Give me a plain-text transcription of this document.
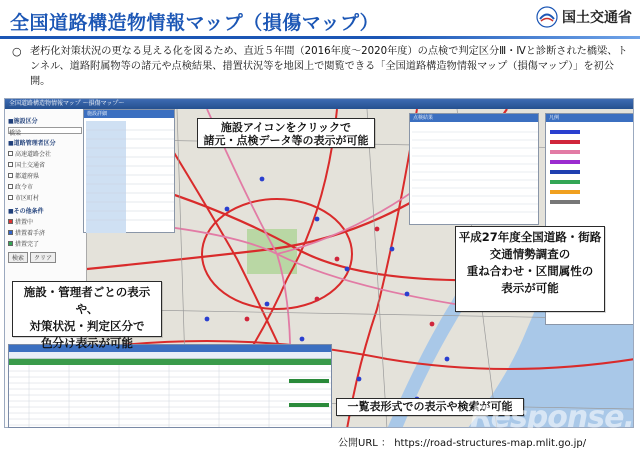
全国道路構造物情報マップ（損傷マップ）	国土交通省
○ 老朽化対策状況の更なる見える化を図るため、直近５年間（2016年度～2020年度）の点検で判定区分Ⅲ・Ⅳと診断された橋梁、トンネル、道路附属物等の諸元や点検結果、措置状況等を地図上で閲覧できる「全国道路構造物情報マップ（損傷マップ）」を初公開。
全国道路構造物情報マップ ～損傷マップ～
■施設区分
橋梁
■道路管理者区分
高速道路会社
国土交通省
都道府県
政令市
市区町村
■その他条件
措置中
措置着手済
措置完了
検索 クリア
施設詳細
点検結果	凡例
施設アイコンをクリックで
諸元・点検データ等の表示が可能
施設・管理者ごとの表示や、
対策状況・判定区分で
色分け表示が可能
平成27年度全国道路・街路
交通情勢調査の
重ね合わせ・区間属性の
表示が可能
一覧表形式での表示や検索が可能
Response.
公開URL ： https://road-structures-map.mlit.go.jp/
